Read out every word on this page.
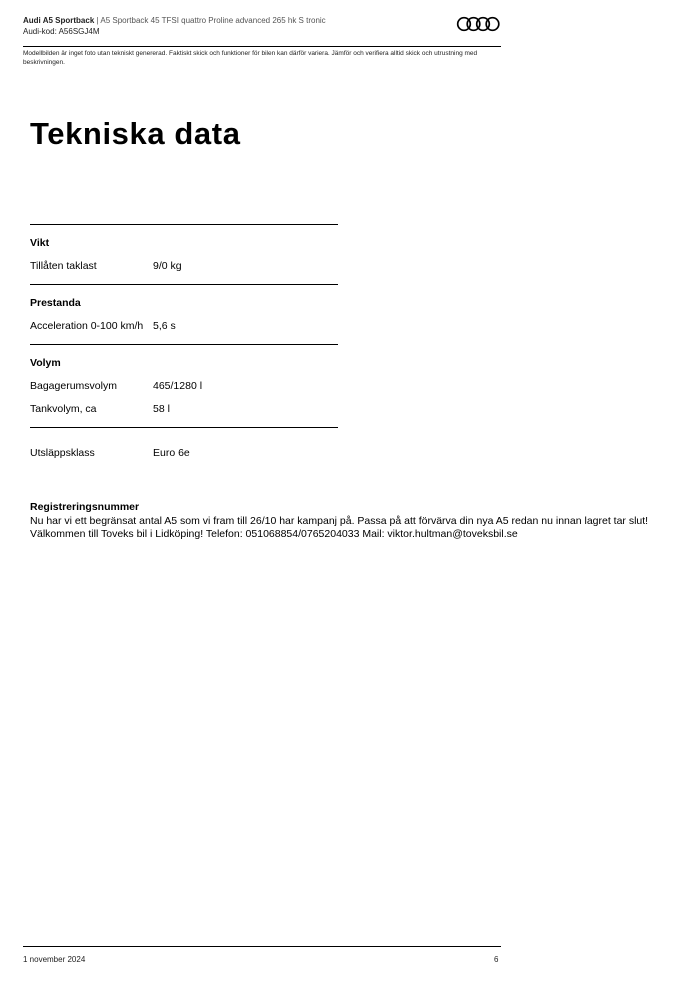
Audi A5 Sportback | A5 Sportback 45 TFSI quattro Proline advanced 265 hk S tronic
Audi-kod: A56SGJ4M
Modellbilden är inget foto utan tekniskt genererad. Faktiskt skick och funktioner för bilen kan därför variera. Jämför och verifiera alltid skick och utrustning med beskrivningen.
Tekniska data
Vikt
Tillåten taklast	9/0 kg
Prestanda
Acceleration 0-100 km/h 5,6 s
Volym
Bagagerumsvolym	465/1280 l
Tankvolym, ca	58 l
Utsläppsklass	Euro 6e
Registreringsnummer
Nu har vi ett begränsat antal A5 som vi fram till 26/10 har kampanj på. Passa på att förvärva din nya A5 redan nu innan lagret tar slut!
Välkommen till Toveks bil i Lidköping! Telefon: 051068854/0765204033 Mail: viktor.hultman@toveksbil.se
1 november 2024	6
